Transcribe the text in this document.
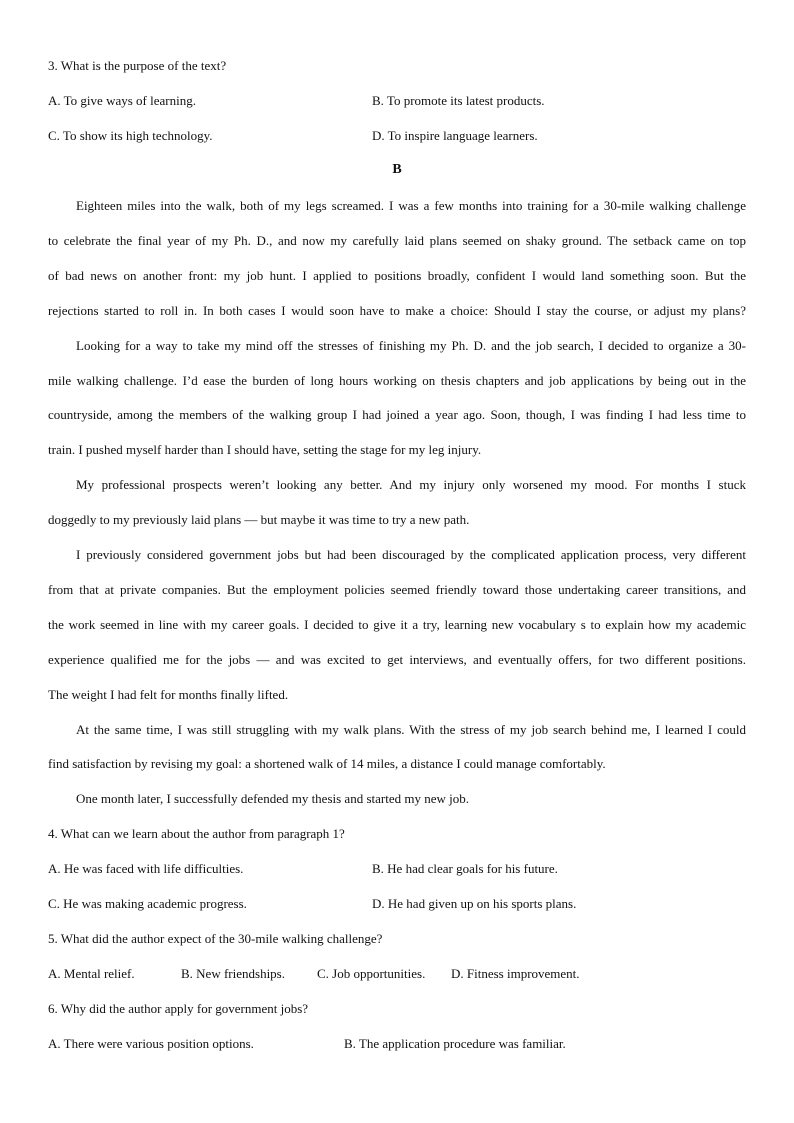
3. What is the purpose of the text?
A. To give ways of learning.	B. To promote its latest products.
C. To show its high technology.	D. To inspire language learners.
B
Eighteen miles into the walk, both of my legs screamed. I was a few months into training for a 30-mile walking challenge
to celebrate the final year of my Ph. D., and now my carefully laid plans seemed on shaky ground. The setback came on top
of bad news on another front: my job hunt. I applied to positions broadly, confident I would land something soon. But the
rejections started to roll in. In both cases I would soon have to make a choice: Should I stay the course, or adjust my plans?
Looking for a way to take my mind off the stresses of finishing my Ph. D. and the job search, I decided to organize a 30-
mile walking challenge. I’d ease the burden of long hours working on thesis chapters and job applications by being out in the
countryside, among the members of the walking group I had joined a year ago. Soon, though, I was finding I had less time to
train. I pushed myself harder than I should have, setting the stage for my leg injury.
My professional prospects weren’t looking any better. And my injury only worsened my mood. For months I stuck
doggedly to my previously laid plans — but maybe it was time to try a new path.
I previously considered government jobs but had been discouraged by the complicated application process, very different
from that at private companies. But the employment policies seemed friendly toward those undertaking career transitions, and
the work seemed in line with my career goals. I decided to give it a try, learning new vocabulary s to explain how my academic
experience qualified me for the jobs — and was excited to get interviews, and eventually offers, for two different positions.
The weight I had felt for months finally lifted.
At the same time, I was still struggling with my walk plans. With the stress of my job search behind me, I learned I could
find satisfaction by revising my goal: a shortened walk of 14 miles, a distance I could manage comfortably.
One month later, I successfully defended my thesis and started my new job.
4. What can we learn about the author from paragraph 1?
A. He was faced with life difficulties.	B. He had clear goals for his future.
C. He was making academic progress.	D. He had given up on his sports plans.
5. What did the author expect of the 30-mile walking challenge?
A. Mental relief.	B. New friendships. C. Job opportunities. D. Fitness improvement.
6. Why did the author apply for government jobs?
A. There were various position options.	B. The application procedure was familiar.
